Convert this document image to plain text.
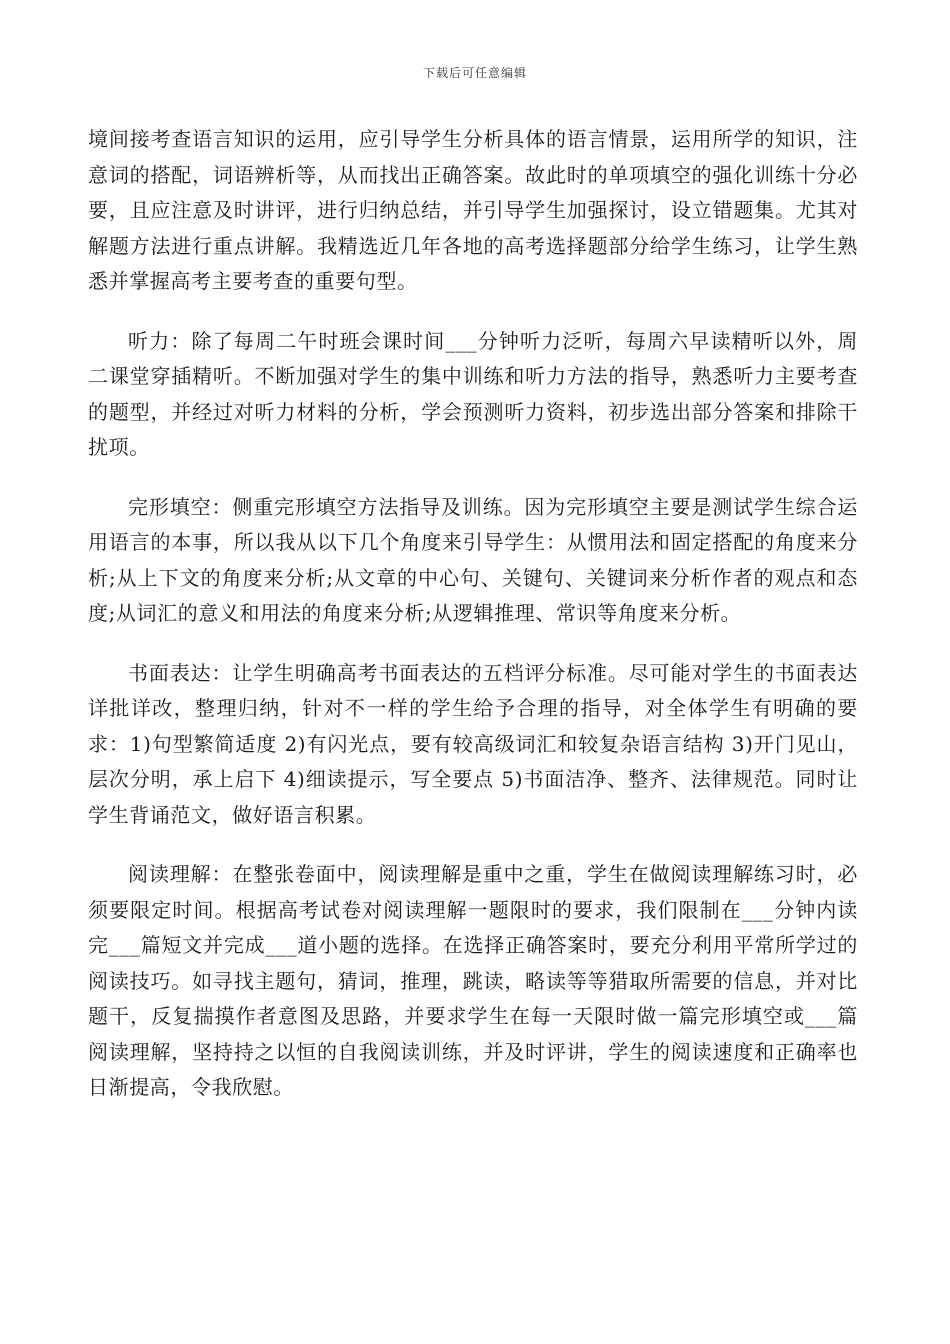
下载后可任意编辑

境间接考查语言知识的运用，应引导学生分析具体的语言情景，运用所学的知识，注意词的搭配，词语辨析等，从而找出正确答案。故此时的单项填空的强化训练十分必要，且应注意及时讲评，进行归纳总结，并引导学生加强探讨，设立错题集。尤其对解题方法进行重点讲解。我精选近几年各地的高考选择题部分给学生练习，让学生熟悉并掌握高考主要考查的重要句型。

听力：除了每周二午时班会课时间___分钟听力泛听，每周六早读精听以外，周二课堂穿插精听。不断加强对学生的集中训练和听力方法的指导，熟悉听力主要考查的题型，并经过对听力材料的分析，学会预测听力资料，初步选出部分答案和排除干扰项。

完形填空：侧重完形填空方法指导及训练。因为完形填空主要是测试学生综合运用语言的本事，所以我从以下几个角度来引导学生：从惯用法和固定搭配的角度来分析;从上下文的角度来分析;从文章的中心句、关键句、关键词来分析作者的观点和态度;从词汇的意义和用法的角度来分析;从逻辑推理、常识等角度来分析。

书面表达：让学生明确高考书面表达的五档评分标准。尽可能对学生的书面表达详批详改，整理归纳，针对不一样的学生给予合理的指导，对全体学生有明确的要求：1)句型繁简适度 2)有闪光点，要有较高级词汇和较复杂语言结构 3)开门见山，层次分明，承上启下 4)细读提示，写全要点 5)书面洁净、整齐、法律规范。同时让学生背诵范文，做好语言积累。

阅读理解：在整张卷面中，阅读理解是重中之重，学生在做阅读理解练习时，必须要限定时间。根据高考试卷对阅读理解一题限时的要求，我们限制在___分钟内读完___篇短文并完成___道小题的选择。在选择正确答案时，要充分利用平常所学过的阅读技巧。如寻找主题句，猜词，推理，跳读，略读等等猎取所需要的信息，并对比题干，反复揣摸作者意图及思路，并要求学生在每一天限时做一篇完形填空或___篇阅读理解，坚持持之以恒的自我阅读训练，并及时评讲，学生的阅读速度和正确率也日渐提高，令我欣慰。
